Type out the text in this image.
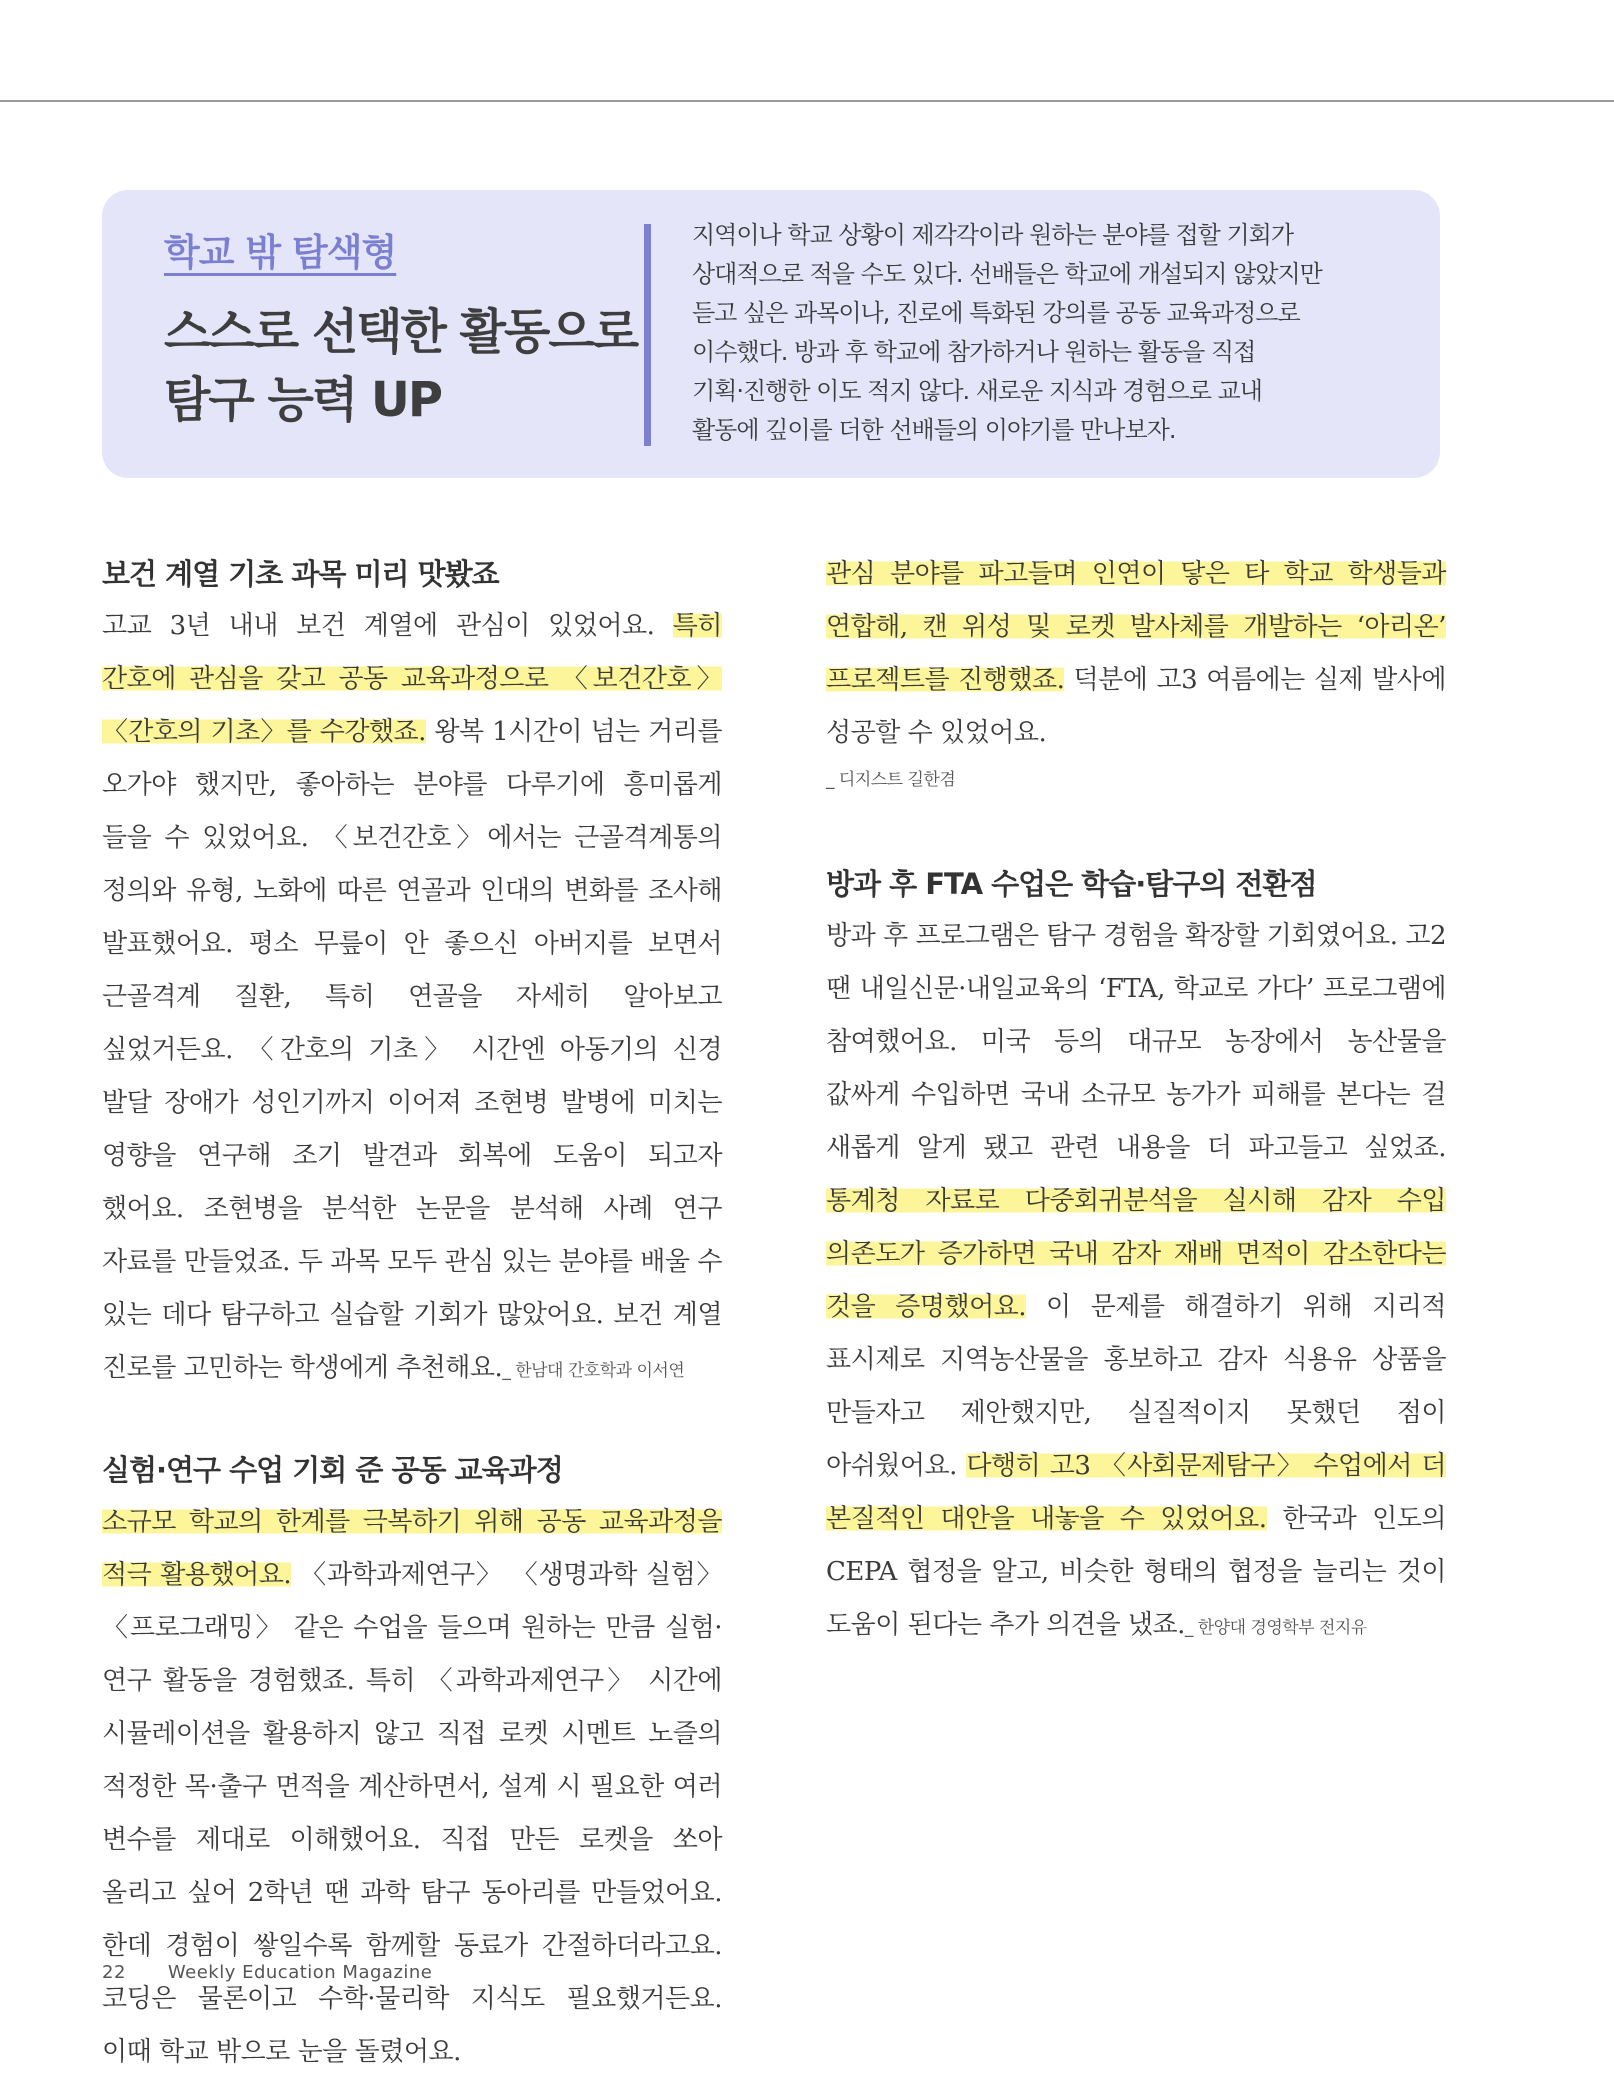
학교 밖 탐색형
스스로 선택한 활동으로
탐구 능력 UP

지역이나 학교 상황이 제각각이라 원하는 분야를 접할 기회가
상대적으로 적을 수도 있다. 선배들은 학교에 개설되지 않았지만
듣고 싶은 과목이나, 진로에 특화된 강의를 공동 교육과정으로
이수했다. 방과 후 학교에 참가하거나 원하는 활동을 직접
기획·진행한 이도 적지 않다. 새로운 지식과 경험으로 교내
활동에 깊이를 더한 선배들의 이야기를 만나보자.

보건 계열 기초 과목 미리 맛봤죠

고교 3년 내내 보건 계열에 관심이 있었어요. 특히 간호에 관심을 갖고 공동 교육과정으로 〈보건간호〉 〈간호의 기초〉를 수강했죠. 왕복 1시간이 넘는 거리를 오가야 했지만, 좋아하는 분야를 다루기에 흥미롭게 들을 수 있었어요. 〈보건간호〉에서는 근골격계통의 정의와 유형, 노화에 따른 연골과 인대의 변화를 조사해 발표했어요. 평소 무릎이 안 좋으신 아버지를 보면서 근골격계 질환, 특히 연골을 자세히 알아보고 싶었거든요. 〈간호의 기초〉 시간엔 아동기의 신경 발달 장애가 성인기까지 이어져 조현병 발병에 미치는 영향을 연구해 조기 발견과 회복에 도움이 되고자 했어요. 조현병을 분석한 논문을 분석해 사례 연구 자료를 만들었죠. 두 과목 모두 관심 있는 분야를 배울 수 있는 데다 탐구하고 실습할 기회가 많았어요. 보건 계열 진로를 고민하는 학생에게 추천해요._ 한남대 간호학과 이서연

실험·연구 수업 기회 준 공동 교육과정

소규모 학교의 한계를 극복하기 위해 공동 교육과정을 적극 활용했어요. 〈과학과제연구〉 〈생명과학 실험〉 〈프로그래밍〉 같은 수업을 들으며 원하는 만큼 실험·연구 활동을 경험했죠. 특히 〈과학과제연구〉 시간에 시뮬레이션을 활용하지 않고 직접 로켓 시멘트 노즐의 적정한 목·출구 면적을 계산하면서, 설계 시 필요한 여러 변수를 제대로 이해했어요. 직접 만든 로켓을 쏘아 올리고 싶어 2학년 땐 과학 탐구 동아리를 만들었어요. 한데 경험이 쌓일수록 함께할 동료가 간절하더라고요. 코딩은 물론이고 수학·물리학 지식도 필요했거든요. 이때 학교 밖으로 눈을 돌렸어요.

관심 분야를 파고들며 인연이 닿은 타 학교 학생들과 연합해, 캔 위성 및 로켓 발사체를 개발하는 ‘아리온’ 프로젝트를 진행했죠. 덕분에 고3 여름에는 실제 발사에 성공할 수 있었어요.

_ 디지스트 길한겸

방과 후 FTA 수업은 학습·탐구의 전환점

방과 후 프로그램은 탐구 경험을 확장할 기회였어요. 고2 땐 내일신문·내일교육의 ‘FTA, 학교로 가다’ 프로그램에 참여했어요. 미국 등의 대규모 농장에서 농산물을 값싸게 수입하면 국내 소규모 농가가 피해를 본다는 걸 새롭게 알게 됐고 관련 내용을 더 파고들고 싶었죠. 통계청 자료로 다중회귀분석을 실시해 감자 수입 의존도가 증가하면 국내 감자 재배 면적이 감소한다는 것을 증명했어요. 이 문제를 해결하기 위해 지리적 표시제로 지역농산물을 홍보하고 감자 식용유 상품을 만들자고 제안했지만, 실질적이지 못했던 점이 아쉬웠어요. 다행히 고3 〈사회문제탐구〉 수업에서 더 본질적인 대안을 내놓을 수 있었어요. 한국과 인도의 CEPA 협정을 알고, 비슷한 형태의 협정을 늘리는 것이 도움이 된다는 추가 의견을 냈죠._ 한양대 경영학부 전지유

22 Weekly Education Magazine
